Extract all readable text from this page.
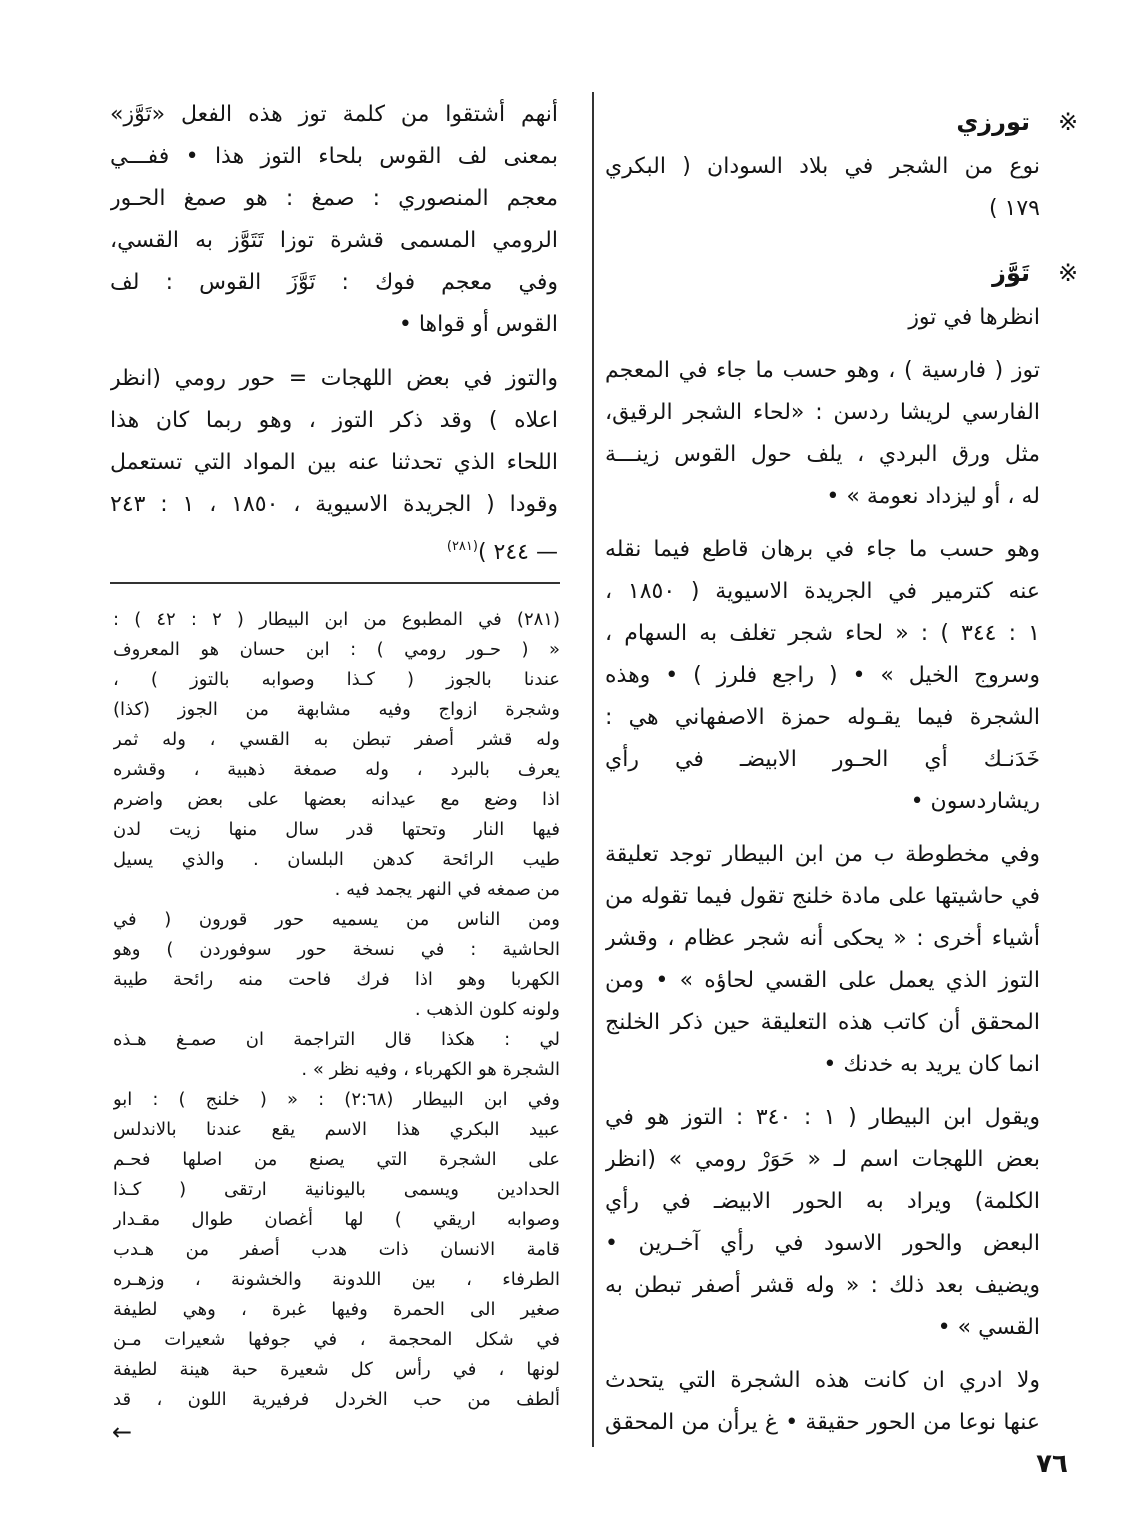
※
تورزي
نوع من الشجر في بلاد السودان ( البكري
١٧٩ )
※
تَوَّز
انظرها في توز
توز ( فارسية ) ، وهو حسب ما جاء في المعجم
الفارسي لريشا ردسن : «لحاء الشجر الرقيق،
مثل ورق البردي ، يلف حول القوس زينـــة
له ، أو ليزداد نعومة » •
وهو حسب ما جاء في برهان قاطع فيما نقله
عنه كترمير في الجريدة الاسيوية ( ١٨٥٠ ،
١ : ٣٤٤ ) : « لحاء شجر تغلف به السهام ،
وسروج الخيل » • ( راجع فلرز ) • وهذه
الشجرة فيما يقـوله حمزة الاصفهاني هي :
خَدَنـك أي الحـور الابيضـ في رأي
ريشاردسون •
وفي مخطوطة ب من ابن البيطار توجد تعليقة
في حاشيتها على مادة خلنج تقول فيما تقوله من
أشياء أخرى : « يحكى أنه شجر عظام ، وقشر
التوز الذي يعمل على القسي لحاؤه » • ومن
المحقق أن كاتب هذه التعليقة حين ذكر الخلنج
انما كان يريد به خدنك •
ويقول ابن البيطار ( ١ : ٣٤٠ : التوز هو في
بعض اللهجات اسم لـ « حَوَرْ رومي » (انظر
الكلمة) ويراد به الحور الابيضـ في رأي
البعض والحور الاسود في رأي آخـرين •
ويضيف بعد ذلك : « وله قشر أصفر تبطن به
القسي » •
ولا ادري ان كانت هذه الشجرة التي يتحدث
عنها نوعا من الحور حقيقة • غ يرأن من المحقق
أنهم أشتقوا من كلمة توز هذه الفعل «تَوَّز»
بمعنى لف القوس بلحاء التوز هذا • ففـــي
معجم المنصوري : صمغ : هو صمغ الحـور
الرومي المسمى قشرة توزا تَتَوَّز به القسي،
وفي معجم فوك : تَوَّزَ القوس : لف
القوس أو قواها •
والتوز في بعض اللهجات = حور رومي (انظر
اعلاه ) وقد ذكر التوز ، وهو ربما كان هذا
اللحاء الذي تحدثنا عنه بين المواد التي تستعمل
وقودا ( الجريدة الاسيوية ، ١٨٥٠ ، ١ : ٢٤٣
— ٢٤٤ )$^{(٢٨١)}$
(٢٨١) في المطبوع من ابن البيطار ( ٢ : ٤٢ ) :
« ( حـور رومي ) : ابن حسان هو المعروف
عندنا بالجوز ( كـذا وصوابه بالتوز ) ،
وشجرة ازواج وفيه مشابهة من الجوز (كذا)
وله قشر أصفر تبطن به القسي ، وله ثمر
يعرف بالبرد ، وله صمغة ذهبية ، وقشره
اذا وضع مع عيدانه بعضها على بعض واضرم
فيها النار وتحتها قدر سال منها زيت لدن
طيب الرائحة كدهن البلسان . والذي يسيل
من صمغه في النهر يجمد فيه .
ومن الناس من يسميه حور قورون ( في
الحاشية : في نسخة حور سوفوردن ) وهو
الكهربا وهو اذا فرك فاحت منه رائحة طيبة
ولونه كلون الذهب .
لي : هكذا قال التراجمة ان صمـغ هـذه
الشجرة هو الكهرباء ، وفيه نظر » .
وفي ابن البيطار (٢:٦٨) : « ( خلنج ) : ابو
عبيد البكري هذا الاسم يقع عندنا بالاندلس
على الشجرة التي يصنع من اصلها فحـم
الحدادين ويسمى باليونانية ارتقى ( كـذا
وصوابه اريقي ) لها أغصان طوال مقـدار
قامة الانسان ذات هدب أصفر من هـدب
الطرفاء ، بين اللدونة والخشونة ، وزهـره
صغير الى الحمرة وفيها غبرة ، وهي لطيفة
في شكل المحجمة ، في جوفها شعيرات مـن
لونها ، في رأس كل شعيرة حبة هينة لطيفة
ألطف من حب الخردل فرفيرية اللون ، قد
←
٧٦
